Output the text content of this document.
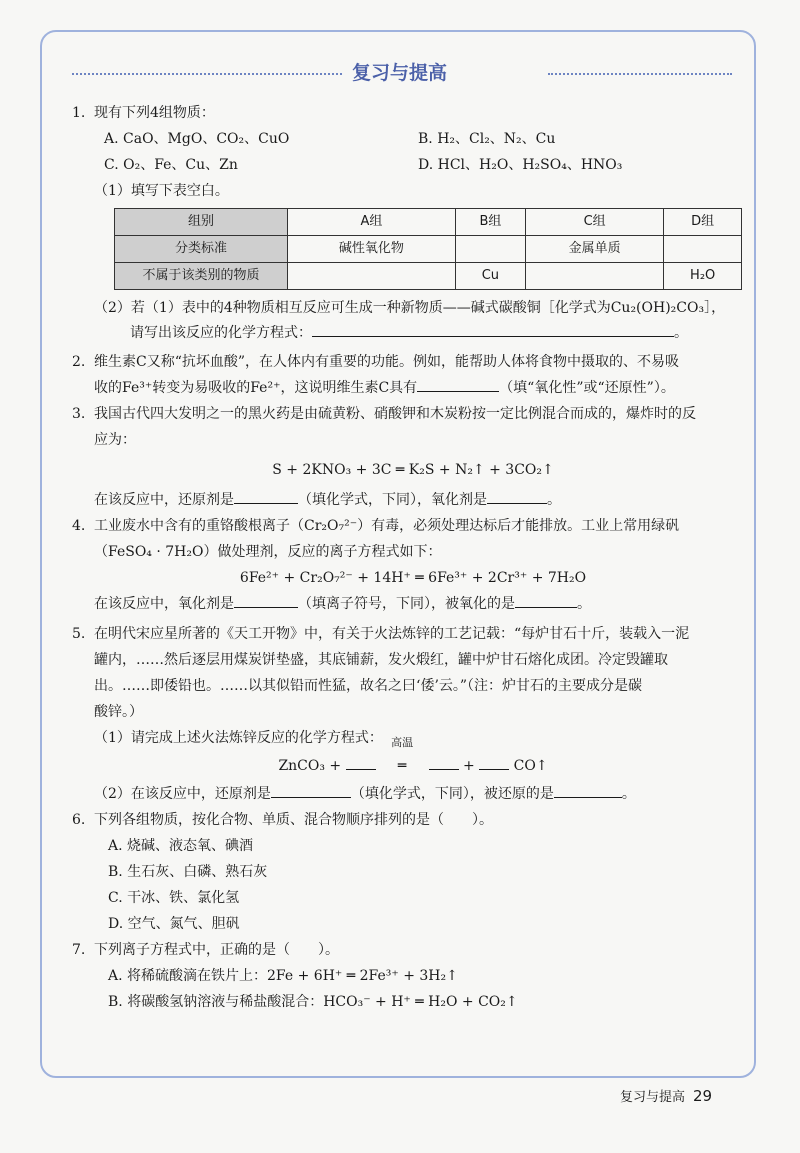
复习与提高
1. 现有下列4组物质：
A. CaO、MgO、CO₂、CuO	B. H₂、Cl₂、N₂、Cu
C. O₂、Fe、Cu、Zn	D. HCl、H₂O、H₂SO₄、HNO₃
（1）填写下表空白。
组别	A组	B组	C组	D组
分类标准	碱性氧化物		金属单质	
不属于该类别的物质		Cu		H₂O
（2）若（1）表中的4种物质相互反应可生成一种新物质——碱式碳酸铜［化学式为Cu₂(OH)₂CO₃］，
请写出该反应的化学方程式：	。
2. 维生素C又称“抗坏血酸”，在人体内有重要的功能。例如，能帮助人体将食物中摄取的、不易吸
收的Fe³⁺转变为易吸收的Fe²⁺，这说明维生素C具有	（填“氧化性”或“还原性”）。
3. 我国古代四大发明之一的黑火药是由硫黄粉、硝酸钾和木炭粉按一定比例混合而成的，爆炸时的反
应为：
S + 2KNO₃ + 3C ═ K₂S + N₂↑ + 3CO₂↑
在该反应中，还原剂是	（填化学式，下同），氧化剂是	。
4. 工业废水中含有的重铬酸根离子（Cr₂O₇²⁻）有毒，必须处理达标后才能排放。工业上常用绿矾
（FeSO₄ · 7H₂O）做处理剂，反应的离子方程式如下：
6Fe²⁺ + Cr₂O₇²⁻ + 14H⁺ ═ 6Fe³⁺ + 2Cr³⁺ + 7H₂O
在该反应中，氧化剂是	（填离子符号，下同），被氧化的是	。
5. 在明代宋应星所著的《天工开物》中，有关于火法炼锌的工艺记载：“每炉甘石十斤，装载入一泥
罐内，……然后逐层用煤炭饼垫盛，其底铺薪，发火煅红，罐中炉甘石熔化成团。冷定毁罐取
出。……即倭铅也。……以其似铅而性猛，故名之曰‘倭’云。”（注：炉甘石的主要成分是碳
酸锌。）
（1）请完成上述火法炼锌反应的化学方程式：
ZnCO₃ +
高温
═	+	CO↑
（2）在该反应中，还原剂是	（填化学式，下同），被还原的是	。
6. 下列各组物质，按化合物、单质、混合物顺序排列的是（　　）。
A. 烧碱、液态氧、碘酒
B. 生石灰、白磷、熟石灰
C. 干冰、铁、氯化氢
D. 空气、氮气、胆矾
7. 下列离子方程式中，正确的是（　　）。
A. 将稀硫酸滴在铁片上：2Fe + 6H⁺ ═ 2Fe³⁺ + 3H₂↑
B. 将碳酸氢钠溶液与稀盐酸混合：HCO₃⁻ + H⁺ ═ H₂O + CO₂↑
复习与提高 29
